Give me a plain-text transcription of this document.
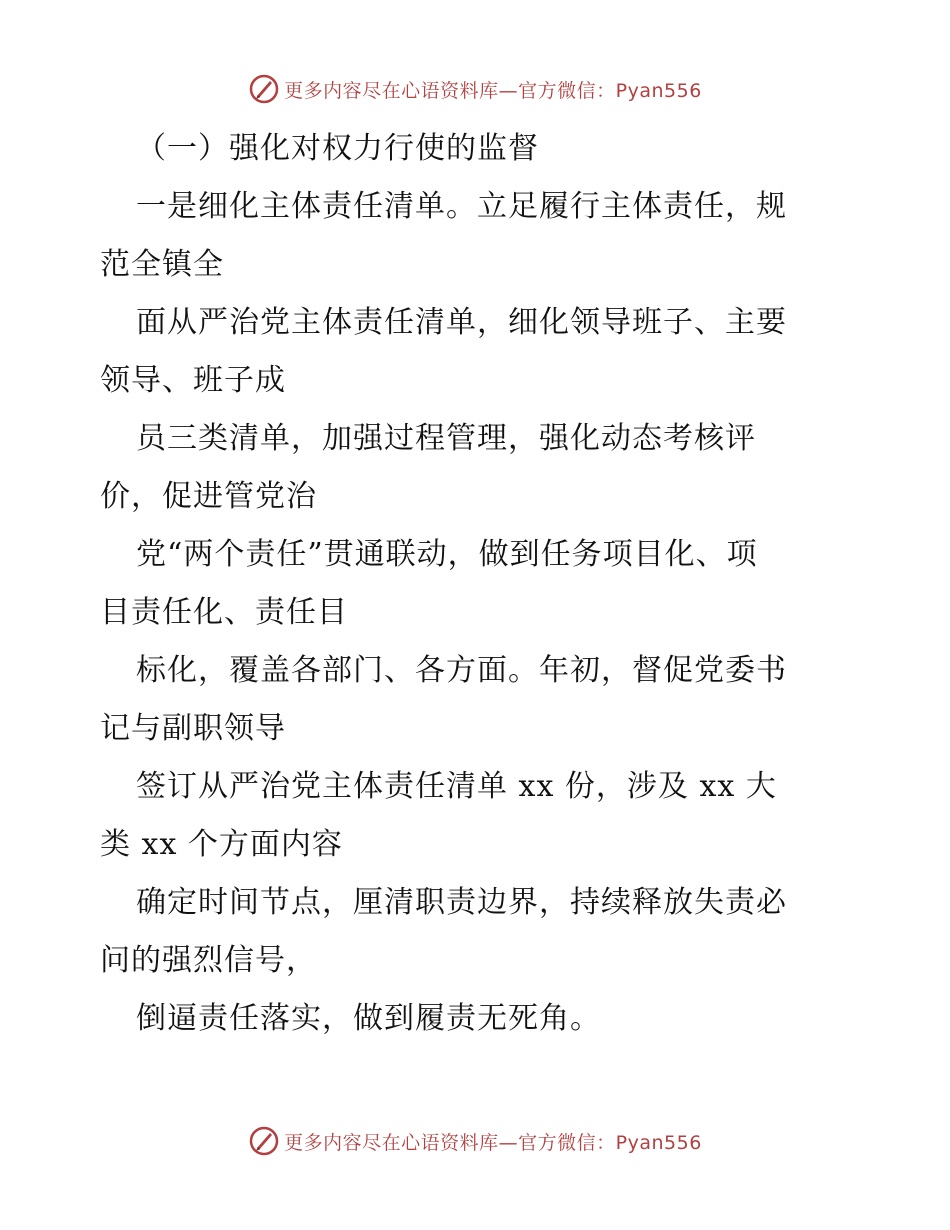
更多内容尽在心语资料库—官方微信：Pyan556
（一）强化对权力行使的监督
一是细化主体责任清单。立足履行主体责任，规
范全镇全
面从严治党主体责任清单，细化领导班子、主要
领导、班子成
员三类清单，加强过程管理，强化动态考核评
价，促进管党治
党“两个责任”贯通联动，做到任务项目化、项
目责任化、责任目
标化，覆盖各部门、各方面。年初，督促党委书
记与副职领导
签订从严治党主体责任清单 xx 份，涉及 xx 大
类 xx 个方面内容
确定时间节点，厘清职责边界，持续释放失责必
问的强烈信号，
倒逼责任落实，做到履责无死角。
更多内容尽在心语资料库—官方微信：Pyan556
